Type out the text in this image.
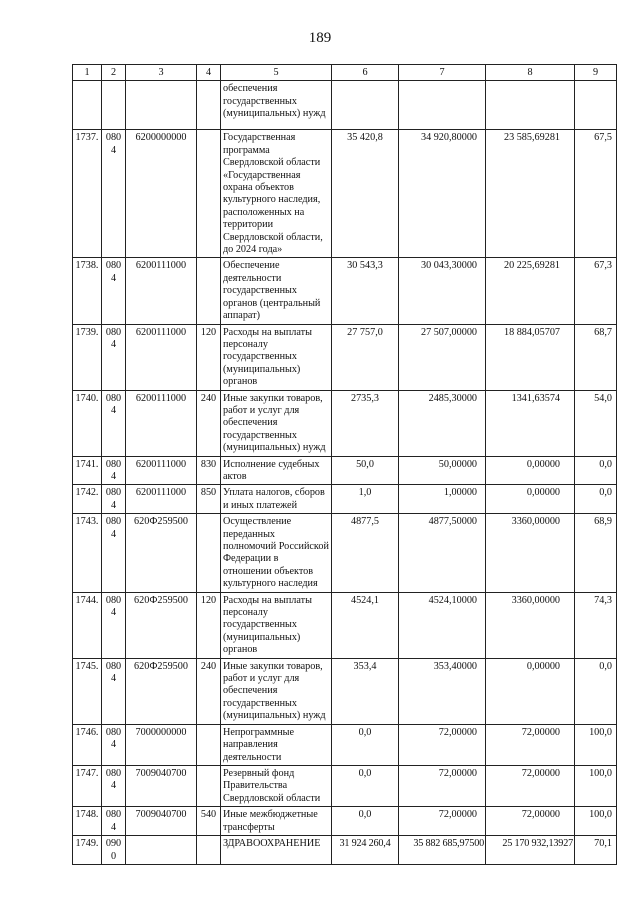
189
1	2	3	4	5	6	7	8	9
				обеспечения государственных (муниципальных) нужд				
1737.	0804	6200000000		Государственная программа Свердловской области «Государственная охрана объектов культурного наследия, расположенных на территории Свердловской области, до 2024 года»	35 420,8	34 920,80000	23 585,69281	67,5
1738.	0804	6200111000		Обеспечение деятельности государственных органов (центральный аппарат)	30 543,3	30 043,30000	20 225,69281	67,3
1739.	0804	6200111000	120	Расходы на выплаты персоналу государственных (муниципальных) органов	27 757,0	27 507,00000	18 884,05707	68,7
1740.	0804	6200111000	240	Иные закупки товаров, работ и услуг для обеспечения государственных (муниципальных) нужд	2735,3	2485,30000	1341,63574	54,0
1741.	0804	6200111000	830	Исполнение судебных актов	50,0	50,00000	0,00000	0,0
1742.	0804	6200111000	850	Уплата налогов, сборов и иных платежей	1,0	1,00000	0,00000	0,0
1743.	0804	620Ф259500		Осуществление переданных полномочий Российской Федерации в отношении объектов культурного наследия	4877,5	4877,50000	3360,00000	68,9
1744.	0804	620Ф259500	120	Расходы на выплаты персоналу государственных (муниципальных) органов	4524,1	4524,10000	3360,00000	74,3
1745.	0804	620Ф259500	240	Иные закупки товаров, работ и услуг для обеспечения государственных (муниципальных) нужд	353,4	353,40000	0,00000	0,0
1746.	0804	7000000000		Непрограммные направления деятельности	0,0	72,00000	72,00000	100,0
1747.	0804	7009040700		Резервный фонд Правительства Свердловской области	0,0	72,00000	72,00000	100,0
1748.	0804	7009040700	540	Иные межбюджетные трансферты	0,0	72,00000	72,00000	100,0
1749.	0900			ЗДРАВООХРАНЕНИЕ	31 924 260,4	35 882 685,97500	25 170 932,13927	70,1
